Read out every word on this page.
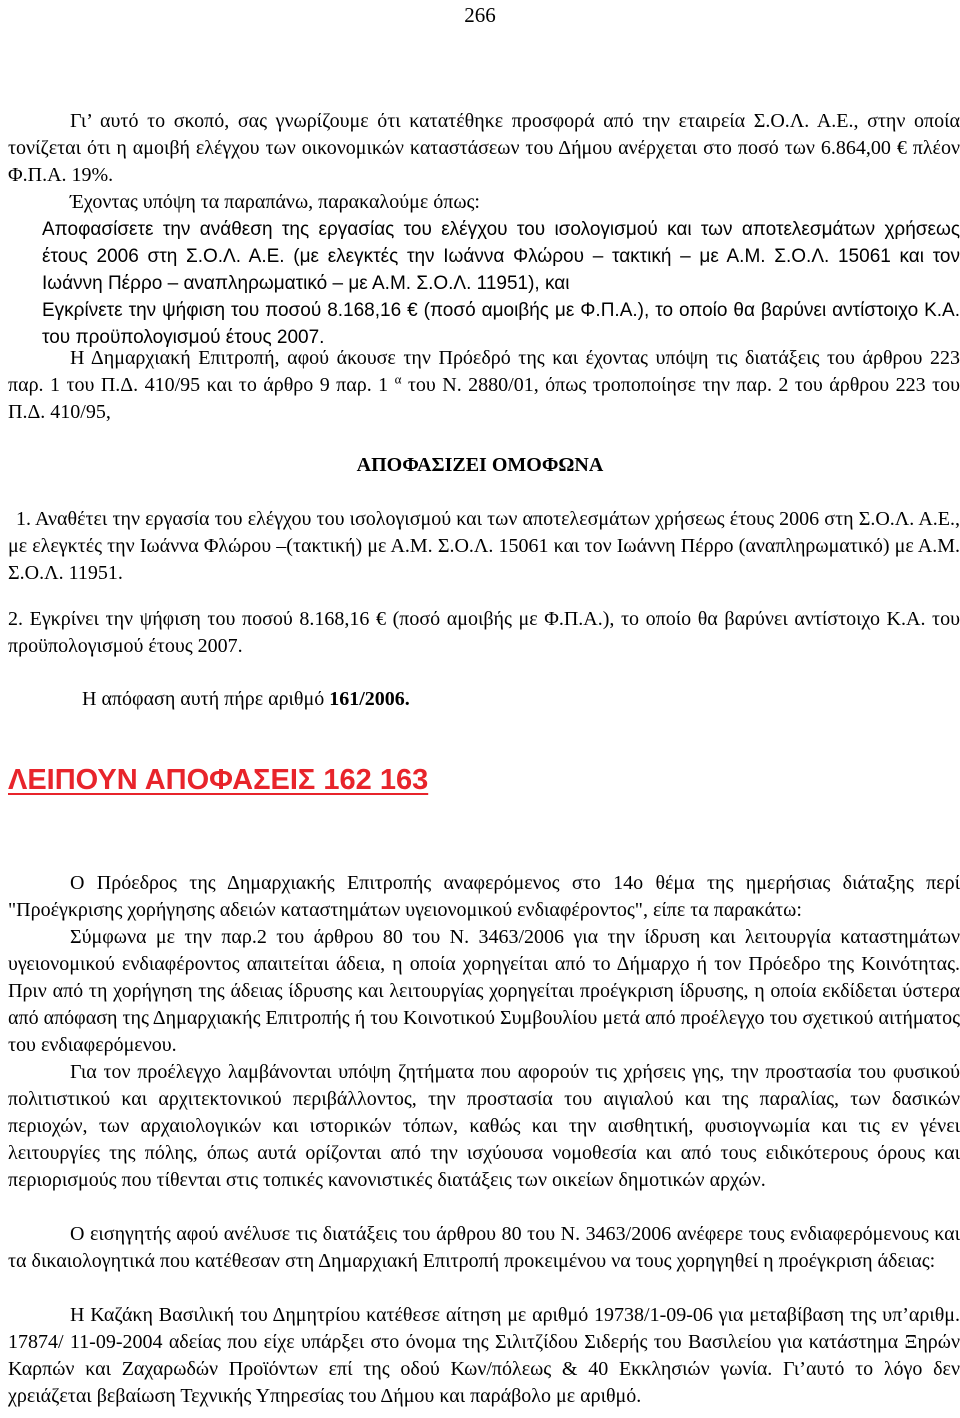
266

Γι’ αυτό το σκοπό, σας γνωρίζουμε ότι κατατέθηκε προσφορά από την εταιρεία Σ.Ο.Λ. Α.Ε., στην οποία τονίζεται ότι η αμοιβή ελέγχου των οικονομικών καταστάσεων του Δήμου ανέρχεται στο ποσό των 6.864,00 € πλέον Φ.Π.Α. 19%.

Έχοντας υπόψη τα παραπάνω, παρακαλούμε όπως:

Αποφασίσετε την ανάθεση της εργασίας του ελέγχου του ισολογισμού και των αποτελεσμάτων χρήσεως έτους 2006 στη Σ.Ο.Λ. Α.Ε. (με ελεγκτές την Ιωάννα Φλώρου – τακτική – με Α.Μ. Σ.Ο.Λ. 15061 και τον Ιωάννη Πέρρο – αναπληρωματικό – με Α.Μ. Σ.Ο.Λ. 11951), και
Εγκρίνετε την ψήφιση του ποσού 8.168,16 € (ποσό αμοιβής με Φ.Π.Α.), το οποίο θα βαρύνει αντίστοιχο Κ.Α. του προϋπολογισμού έτους 2007.

Η Δημαρχιακή Επιτροπή, αφού άκουσε την Πρόεδρό της και έχοντας υπόψη τις διατάξεις του άρθρου 223 παρ. 1 του Π.Δ. 410/95 και το άρθρο 9 παρ. 1 $^\alpha$ του Ν. 2880/01, όπως τροποποίησε την παρ. 2 του άρθρου 223 του Π.Δ. 410/95,

ΑΠΟΦΑΣΙΖΕΙ ΟΜΟΦΩΝΑ

1. Αναθέτει την εργασία του ελέγχου του ισολογισμού και των αποτελεσμάτων χρήσεως έτους 2006 στη Σ.Ο.Λ. Α.Ε., με ελεγκτές την Ιωάννα Φλώρου –(τακτική) με Α.Μ. Σ.Ο.Λ. 15061 και τον Ιωάννη Πέρρο (αναπληρωματικό) με Α.Μ. Σ.Ο.Λ. 11951.

2. Εγκρίνει την ψήφιση του ποσού 8.168,16 € (ποσό αμοιβής με Φ.Π.Α.), το οποίο θα βαρύνει αντίστοιχο Κ.Α. του προϋπολογισμού έτους 2007.

Η απόφαση αυτή πήρε αριθμό 161/2006.
ΛΕΙΠΟΥΝ ΑΠΟΦΑΣΕΙΣ 162 163

Ο Πρόεδρος της Δημαρχιακής Επιτροπής αναφερόμενος στο 14ο θέμα της ημερήσιας διάταξης περί "Προέγκρισης χορήγησης αδειών καταστημάτων υγειονομικού ενδιαφέροντος", είπε τα παρακάτω:

Σύμφωνα με την παρ.2 του άρθρου 80 του Ν. 3463/2006 για την ίδρυση και λειτουργία καταστημάτων υγειονομικού ενδιαφέροντος απαιτείται άδεια, η οποία χορηγείται από το Δήμαρχο ή τον Πρόεδρο της Κοινότητας. Πριν από τη χορήγηση της άδειας ίδρυσης και λειτουργίας χορηγείται προέγκριση ίδρυσης, η οποία εκδίδεται ύστερα από απόφαση της Δημαρχιακής Επιτροπής ή του Κοινοτικού Συμβουλίου μετά από προέλεγχο του σχετικού αιτήματος του ενδιαφερόμενου.

Για τον προέλεγχο λαμβάνονται υπόψη ζητήματα που αφορούν τις χρήσεις γης, την προστασία του φυσικού πολιτιστικού και αρχιτεκτονικού περιβάλλοντος, την προστασία του αιγιαλού και της παραλίας, των δασικών περιοχών, των αρχαιολογικών και ιστορικών τόπων, καθώς και την αισθητική, φυσιογνωμία και τις εν γένει λειτουργίες της πόλης, όπως αυτά ορίζονται από την ισχύουσα νομοθεσία και από τους ειδικότερους όρους και περιορισμούς που τίθενται στις τοπικές κανονιστικές διατάξεις των οικείων δημοτικών αρχών.

Ο εισηγητής αφού ανέλυσε τις διατάξεις του άρθρου 80 του Ν. 3463/2006 ανέφερε τους ενδιαφερόμενους και τα δικαιολογητικά που κατέθεσαν στη Δημαρχιακή Επιτροπή προκειμένου να τους χορηγηθεί η προέγκριση άδειας:

Η Καζάκη Βασιλική του Δημητρίου κατέθεσε αίτηση με αριθμό 19738/1-09-06 για μεταβίβαση της υπ’αριθμ. 17874/ 11-09-2004 αδείας που είχε υπάρξει στο όνομα της Σιλιτζίδου Σιδερής του Βασιλείου για κατάστημα Ξηρών Καρπών και Ζαχαρωδών Προϊόντων επί της οδού Κων/πόλεως & 40 Εκκλησιών γωνία. Γι’αυτό το λόγο δεν χρειάζεται βεβαίωση Τεχνικής Υπηρεσίας του Δήμου και παράβολο με αριθμό.
